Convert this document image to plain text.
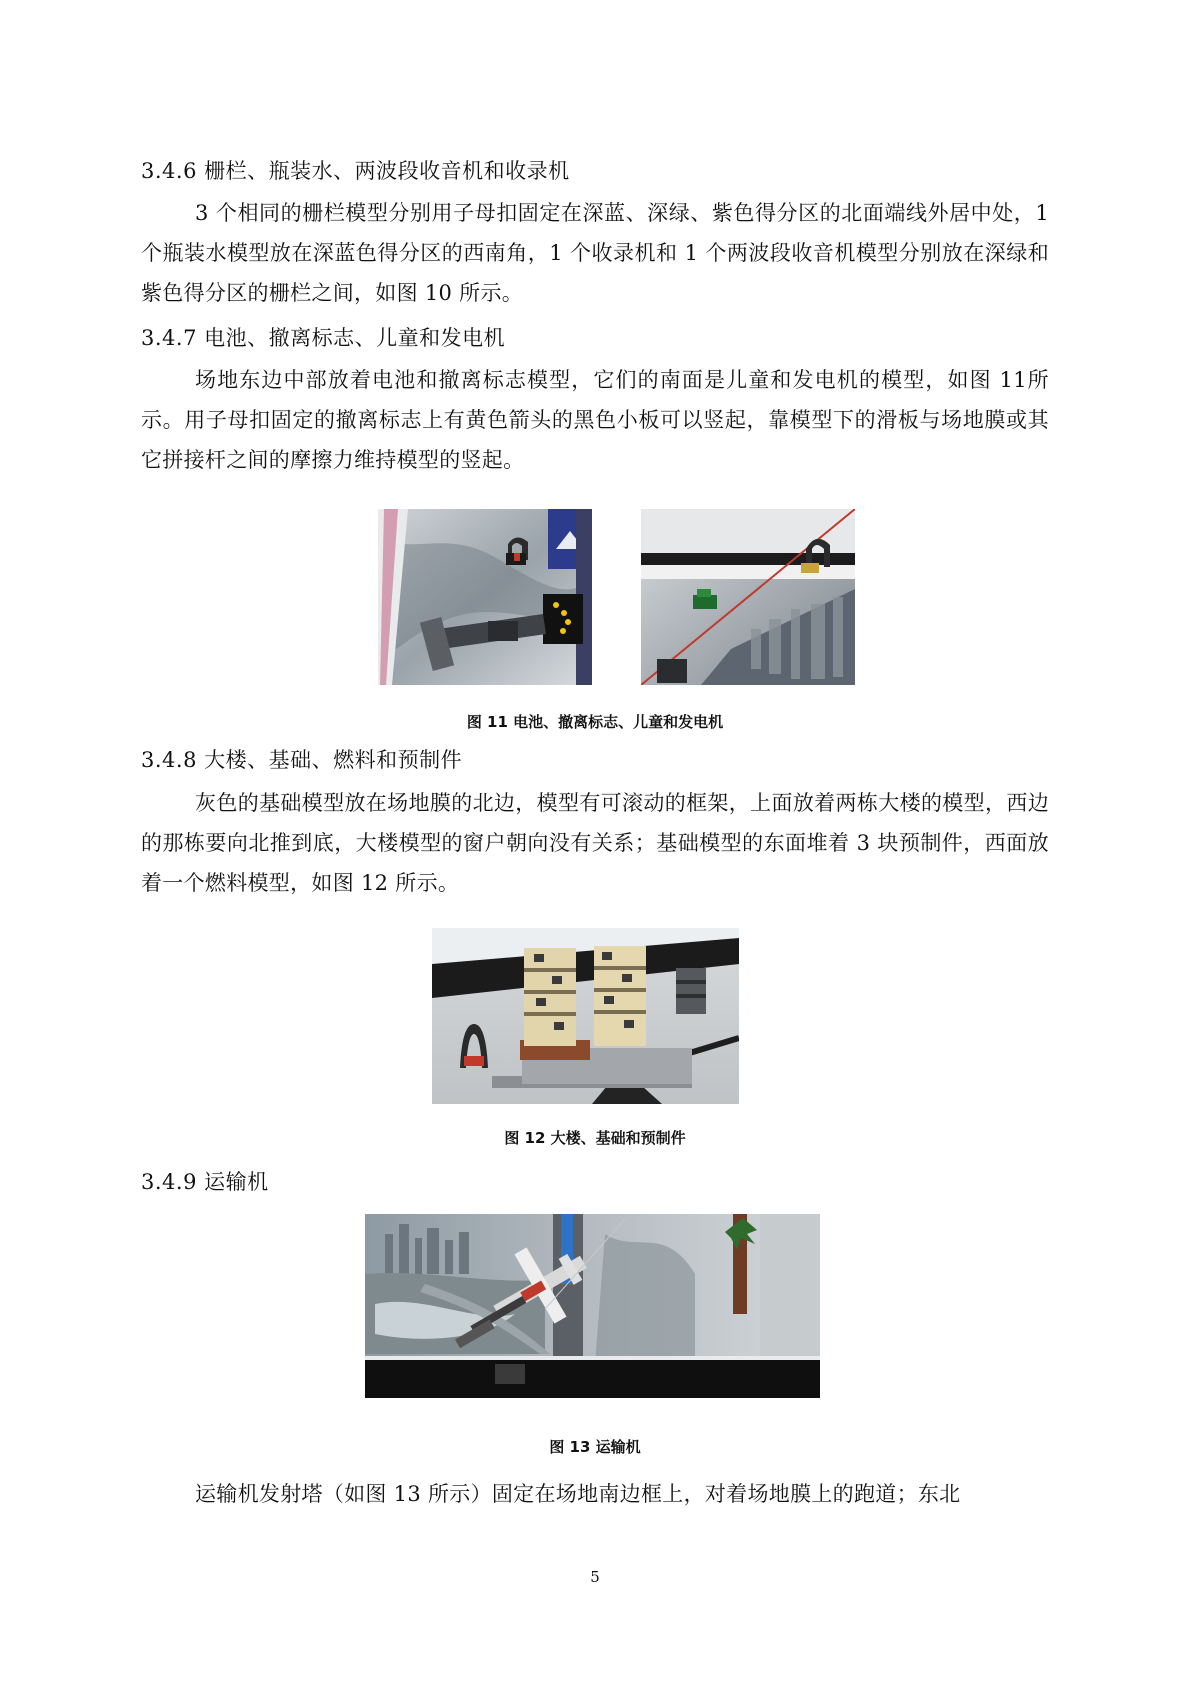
3.4.6 栅栏、瓶装水、两波段收音机和收录机
3 个相同的栅栏模型分别用子母扣固定在深蓝、深绿、紫色得分区的北面端线外居中处，1 个瓶装水模型放在深蓝色得分区的西南角，1 个收录机和 1 个两波段收音机模型分别放在深绿和紫色得分区的栅栏之间，如图 10 所示。
3.4.7 电池、撤离标志、儿童和发电机
场地东边中部放着电池和撤离标志模型，它们的南面是儿童和发电机的模型，如图 11所示。用子母扣固定的撤离标志上有黄色箭头的黑色小板可以竖起，靠模型下的滑板与场地膜或其它拼接杆之间的摩擦力维持模型的竖起。
图 11 电池、撤离标志、儿童和发电机
3.4.8 大楼、基础、燃料和预制件
灰色的基础模型放在场地膜的北边，模型有可滚动的框架，上面放着两栋大楼的模型，西边的那栋要向北推到底，大楼模型的窗户朝向没有关系；基础模型的东面堆着 3 块预制件，西面放着一个燃料模型，如图 12 所示。
图 12 大楼、基础和预制件
3.4.9 运输机
图 13 运输机
运输机发射塔（如图 13 所示）固定在场地南边框上，对着场地膜上的跑道；东北
5
